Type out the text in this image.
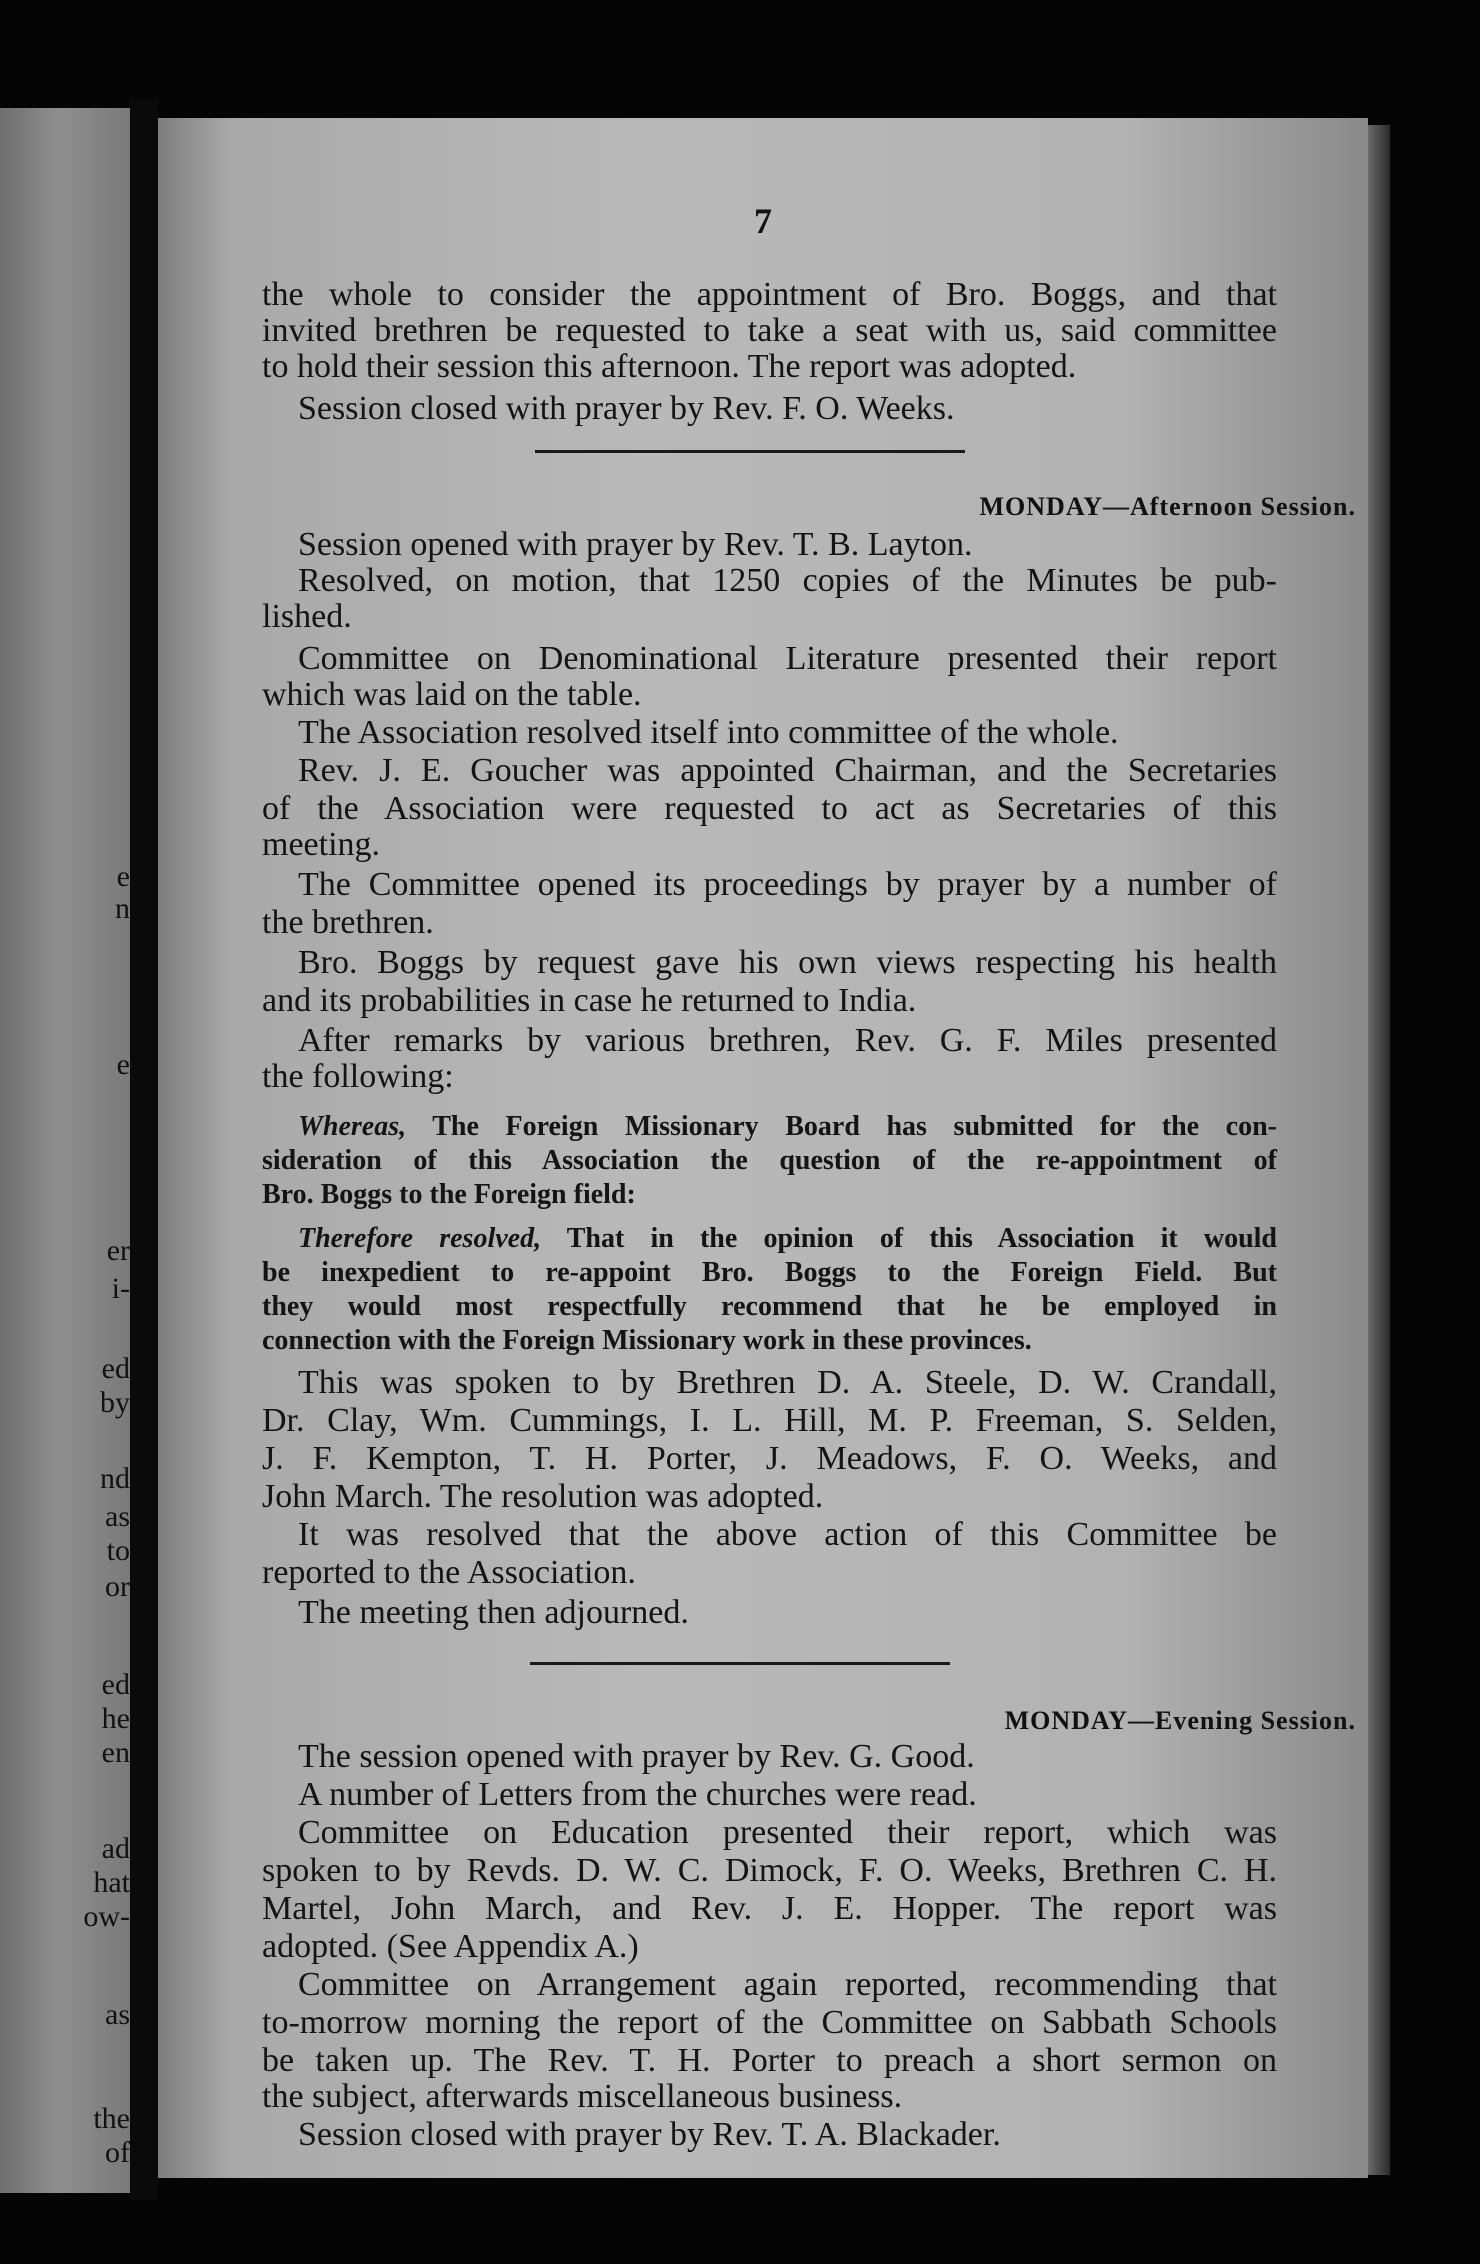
e
n
e
er
i-
ed
by
nd
as
to
or
ed
he
en
ad
hat
ow-
as
the
of
7
the whole to consider the appointment of Bro. Boggs, and that
invited brethren be requested to take a seat with us, said committee
to hold their session this afternoon. The report was adopted.
Session closed with prayer by Rev. F. O. Weeks.
MONDAY—Afternoon Session.
Session opened with prayer by Rev. T. B. Layton.
Resolved, on motion, that 1250 copies of the Minutes be pub-
lished.
Committee on Denominational Literature presented their report
which was laid on the table.
The Association resolved itself into committee of the whole.
Rev. J. E. Goucher was appointed Chairman, and the Secretaries
of the Association were requested to act as Secretaries of this
meeting.
The Committee opened its proceedings by prayer by a number of
the brethren.
Bro. Boggs by request gave his own views respecting his health
and its probabilities in case he returned to India.
After remarks by various brethren, Rev. G. F. Miles presented
the following:
Whereas, The Foreign Missionary Board has submitted for the con-
sideration of this Association the question of the re-appointment of
Bro. Boggs to the Foreign field:
Therefore resolved, That in the opinion of this Association it would
be inexpedient to re-appoint Bro. Boggs to the Foreign Field. But
they would most respectfully recommend that he be employed in
connection with the Foreign Missionary work in these provinces.
This was spoken to by Brethren D. A. Steele, D. W. Crandall,
Dr. Clay, Wm. Cummings, I. L. Hill, M. P. Freeman, S. Selden,
J. F. Kempton, T. H. Porter, J. Meadows, F. O. Weeks, and
John March. The resolution was adopted.
It was resolved that the above action of this Committee be
reported to the Association.
The meeting then adjourned.
MONDAY—Evening Session.
The session opened with prayer by Rev. G. Good.
A number of Letters from the churches were read.
Committee on Education presented their report, which was
spoken to by Revds. D. W. C. Dimock, F. O. Weeks, Brethren C. H.
Martel, John March, and Rev. J. E. Hopper. The report was
adopted. (See Appendix A.)
Committee on Arrangement again reported, recommending that
to-morrow morning the report of the Committee on Sabbath Schools
be taken up. The Rev. T. H. Porter to preach a short sermon on
the subject, afterwards miscellaneous business.
Session closed with prayer by Rev. T. A. Blackader.
